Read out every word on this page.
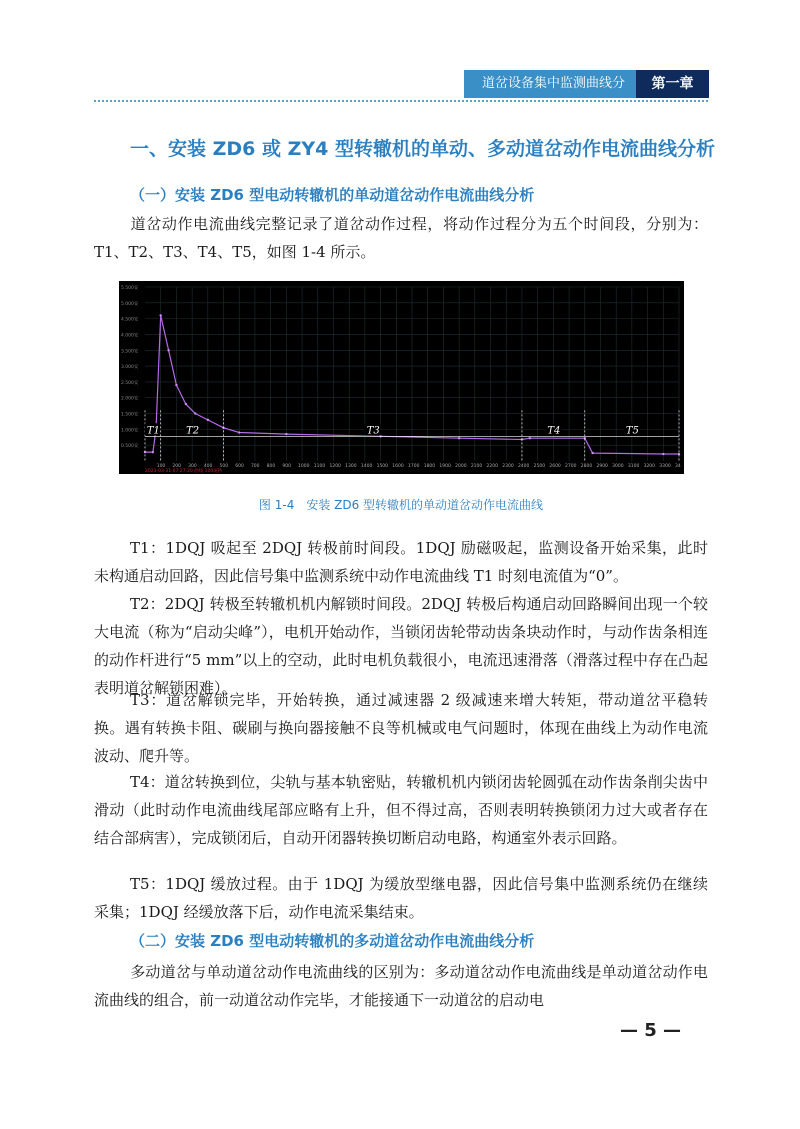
道岔设备集中监测曲线分析
第一章
一、安装 ZD6 或 ZY4 型转辙机的单动、多动道岔动作电流曲线分析
（一）安装 ZD6 型电动转辙机的单动道岔动作电流曲线分析

道岔动作电流曲线完整记录了道岔动作过程，将动作过程分为五个时间段，分别为：T1、T2、T3、T4、T5，如图 1-4 所示。

5.500安
5.000安
4.500安
4.000安
3.500安
3.000安
2.500安
2.000安
1.500安
1.000安
0.500安
100 200 300 400 500 600 700 800 900 1000 1100 1200 1300 1400 1500 1600 1700 1800 1900 2000 2100 2200 2300 2400 2500 2600 2700 2800 2900 3000 3100 3200 3300 34
2023-03-31 07:27:20 曲线 100毫秒
T1	T2	T3	T4	T5
图 1-4　安装 ZD6 型转辙机的单动道岔动作电流曲线

T1：1DQJ 吸起至 2DQJ 转极前时间段。1DQJ 励磁吸起，监测设备开始采集，此时未构通启动回路，因此信号集中监测系统中动作电流曲线 T1 时刻电流值为“0”。

T2：2DQJ 转极至转辙机机内解锁时间段。2DQJ 转极后构通启动回路瞬间出现一个较大电流（称为“启动尖峰”），电机开始动作，当锁闭齿轮带动齿条块动作时，与动作齿条相连的动作杆进行“5 mm”以上的空动，此时电机负载很小，电流迅速滑落（滑落过程中存在凸起表明道岔解锁困难）。

T3：道岔解锁完毕，开始转换，通过减速器 2 级减速来增大转矩，带动道岔平稳转换。遇有转换卡阻、碳刷与换向器接触不良等机械或电气问题时，体现在曲线上为动作电流波动、爬升等。

T4：道岔转换到位，尖轨与基本轨密贴，转辙机机内锁闭齿轮圆弧在动作齿条削尖齿中滑动（此时动作电流曲线尾部应略有上升，但不得过高，否则表明转换锁闭力过大或者存在结合部病害），完成锁闭后，自动开闭器转换切断启动电路，构通室外表示回路。

T5：1DQJ 缓放过程。由于 1DQJ 为缓放型继电器，因此信号集中监测系统仍在继续采集；1DQJ 经缓放落下后，动作电流采集结束。

（二）安装 ZD6 型电动转辙机的多动道岔动作电流曲线分析

多动道岔与单动道岔动作电流曲线的区别为：多动道岔动作电流曲线是单动道岔动作电流曲线的组合，前一动道岔动作完毕，才能接通下一动道岔的启动电

— 5 —
